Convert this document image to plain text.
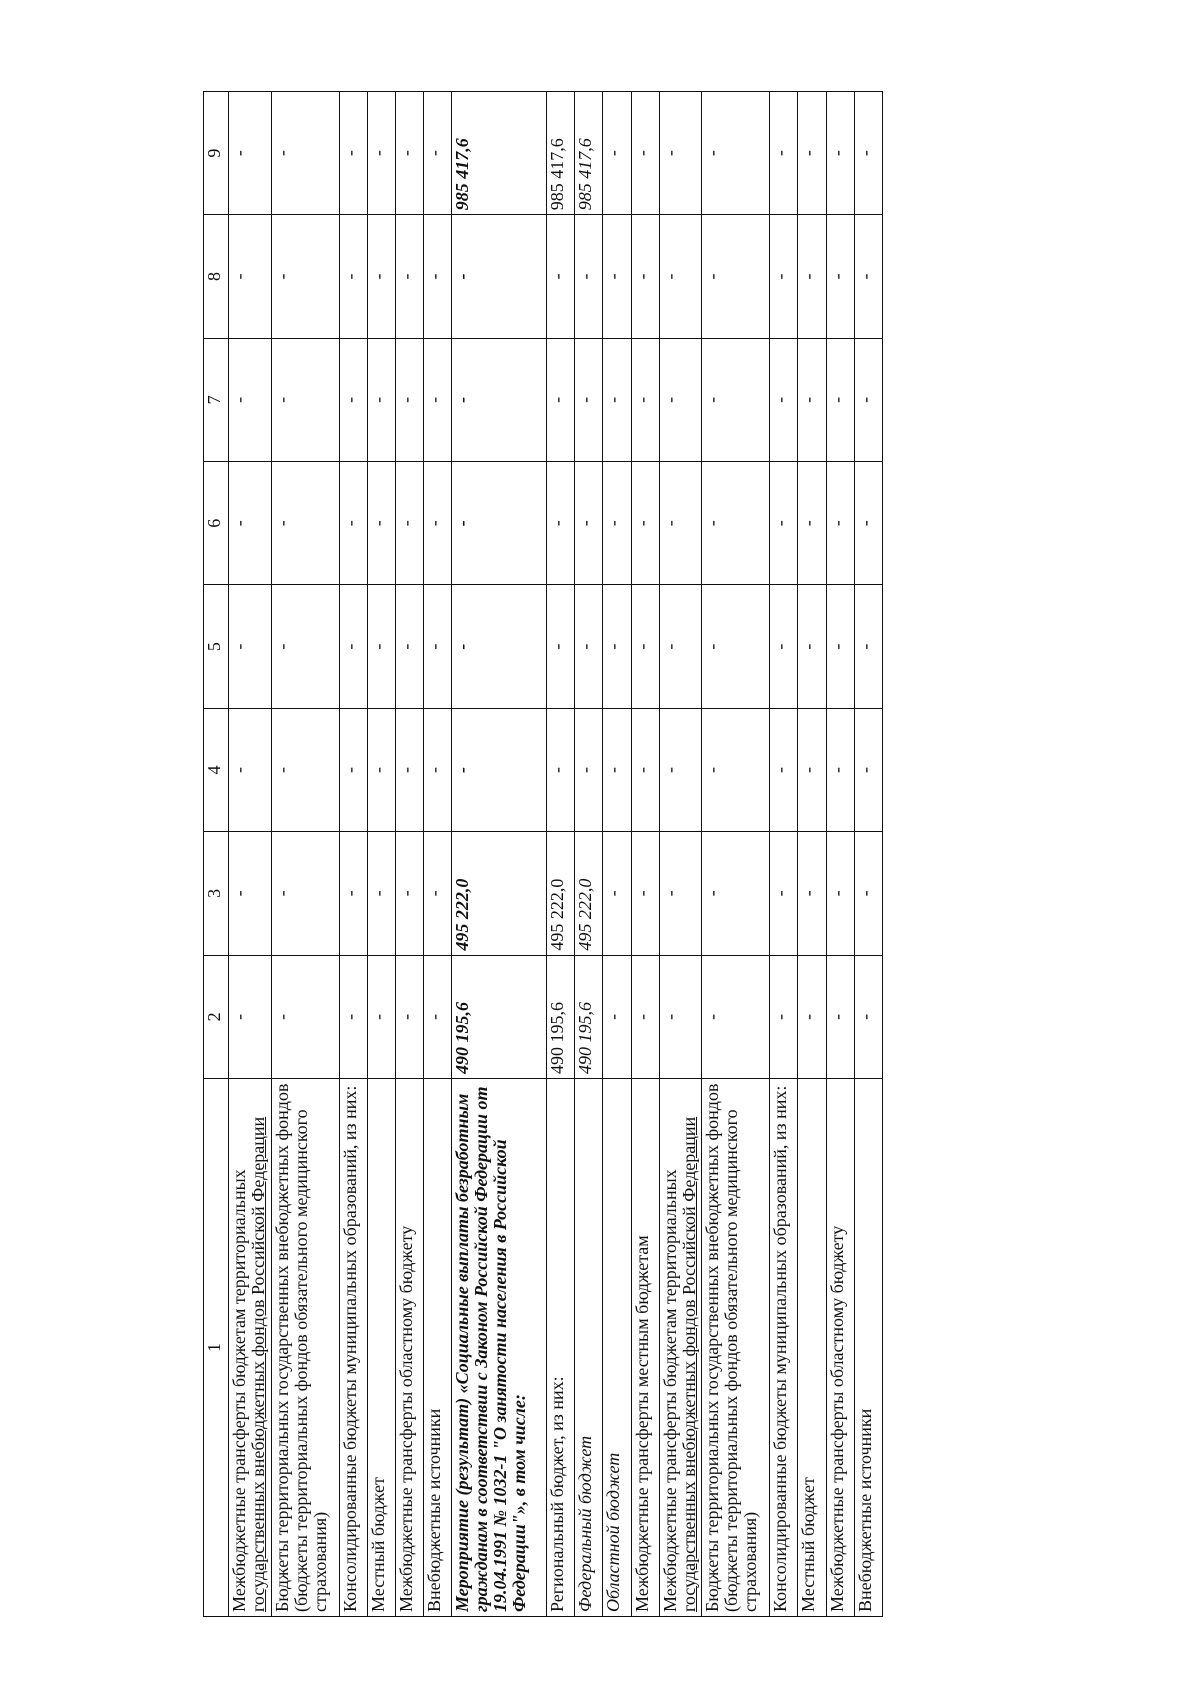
1	2	3	4	5	6	7	8	9
Межбюджетные трансферты бюджетам территориальных государственных внебюджетных фондов Российской Федерации	-	-	-	-	-	-	-	-
Бюджеты территориальных государственных внебюджетных фондов (бюджеты территориальных фондов обязательного медицинского страхования)	-	-	-	-	-	-	-	-
Консолидированные бюджеты муниципальных образований, из них:	-	-	-	-	-	-	-	-
Местный бюджет	-	-	-	-	-	-	-	-
Межбюджетные трансферты областному бюджету	-	-	-	-	-	-	-	-
Внебюджетные источники	-	-	-	-	-	-	-	-
Мероприятие (результат) «Социальные выплаты безработным гражданам в соответствии с Законом Российской Федерации от 19.04.1991 № 1032-1 "О занятости населения в Российской Федерации"», в том числе:	490 195,6	495 222,0	-	-	-	-	-	985 417,6
Региональный бюджет, из них:	490 195,6	495 222,0	-	-	-	-	-	985 417,6
Федеральный бюджет	490 195,6	495 222,0	-	-	-	-	-	985 417,6
Областной бюджет	-	-	-	-	-	-	-	-
Межбюджетные трансферты местным бюджетам	-	-	-	-	-	-	-	-
Межбюджетные трансферты бюджетам территориальных государственных внебюджетных фондов Российской Федерации	-	-	-	-	-	-	-	-
Бюджеты территориальных государственных внебюджетных фондов (бюджеты территориальных фондов обязательного медицинского страхования)	-	-	-	-	-	-	-	-
Консолидированные бюджеты муниципальных образований, из них:	-	-	-	-	-	-	-	-
Местный бюджет	-	-	-	-	-	-	-	-
Межбюджетные трансферты областному бюджету	-	-	-	-	-	-	-	-
Внебюджетные источники	-	-	-	-	-	-	-	-
